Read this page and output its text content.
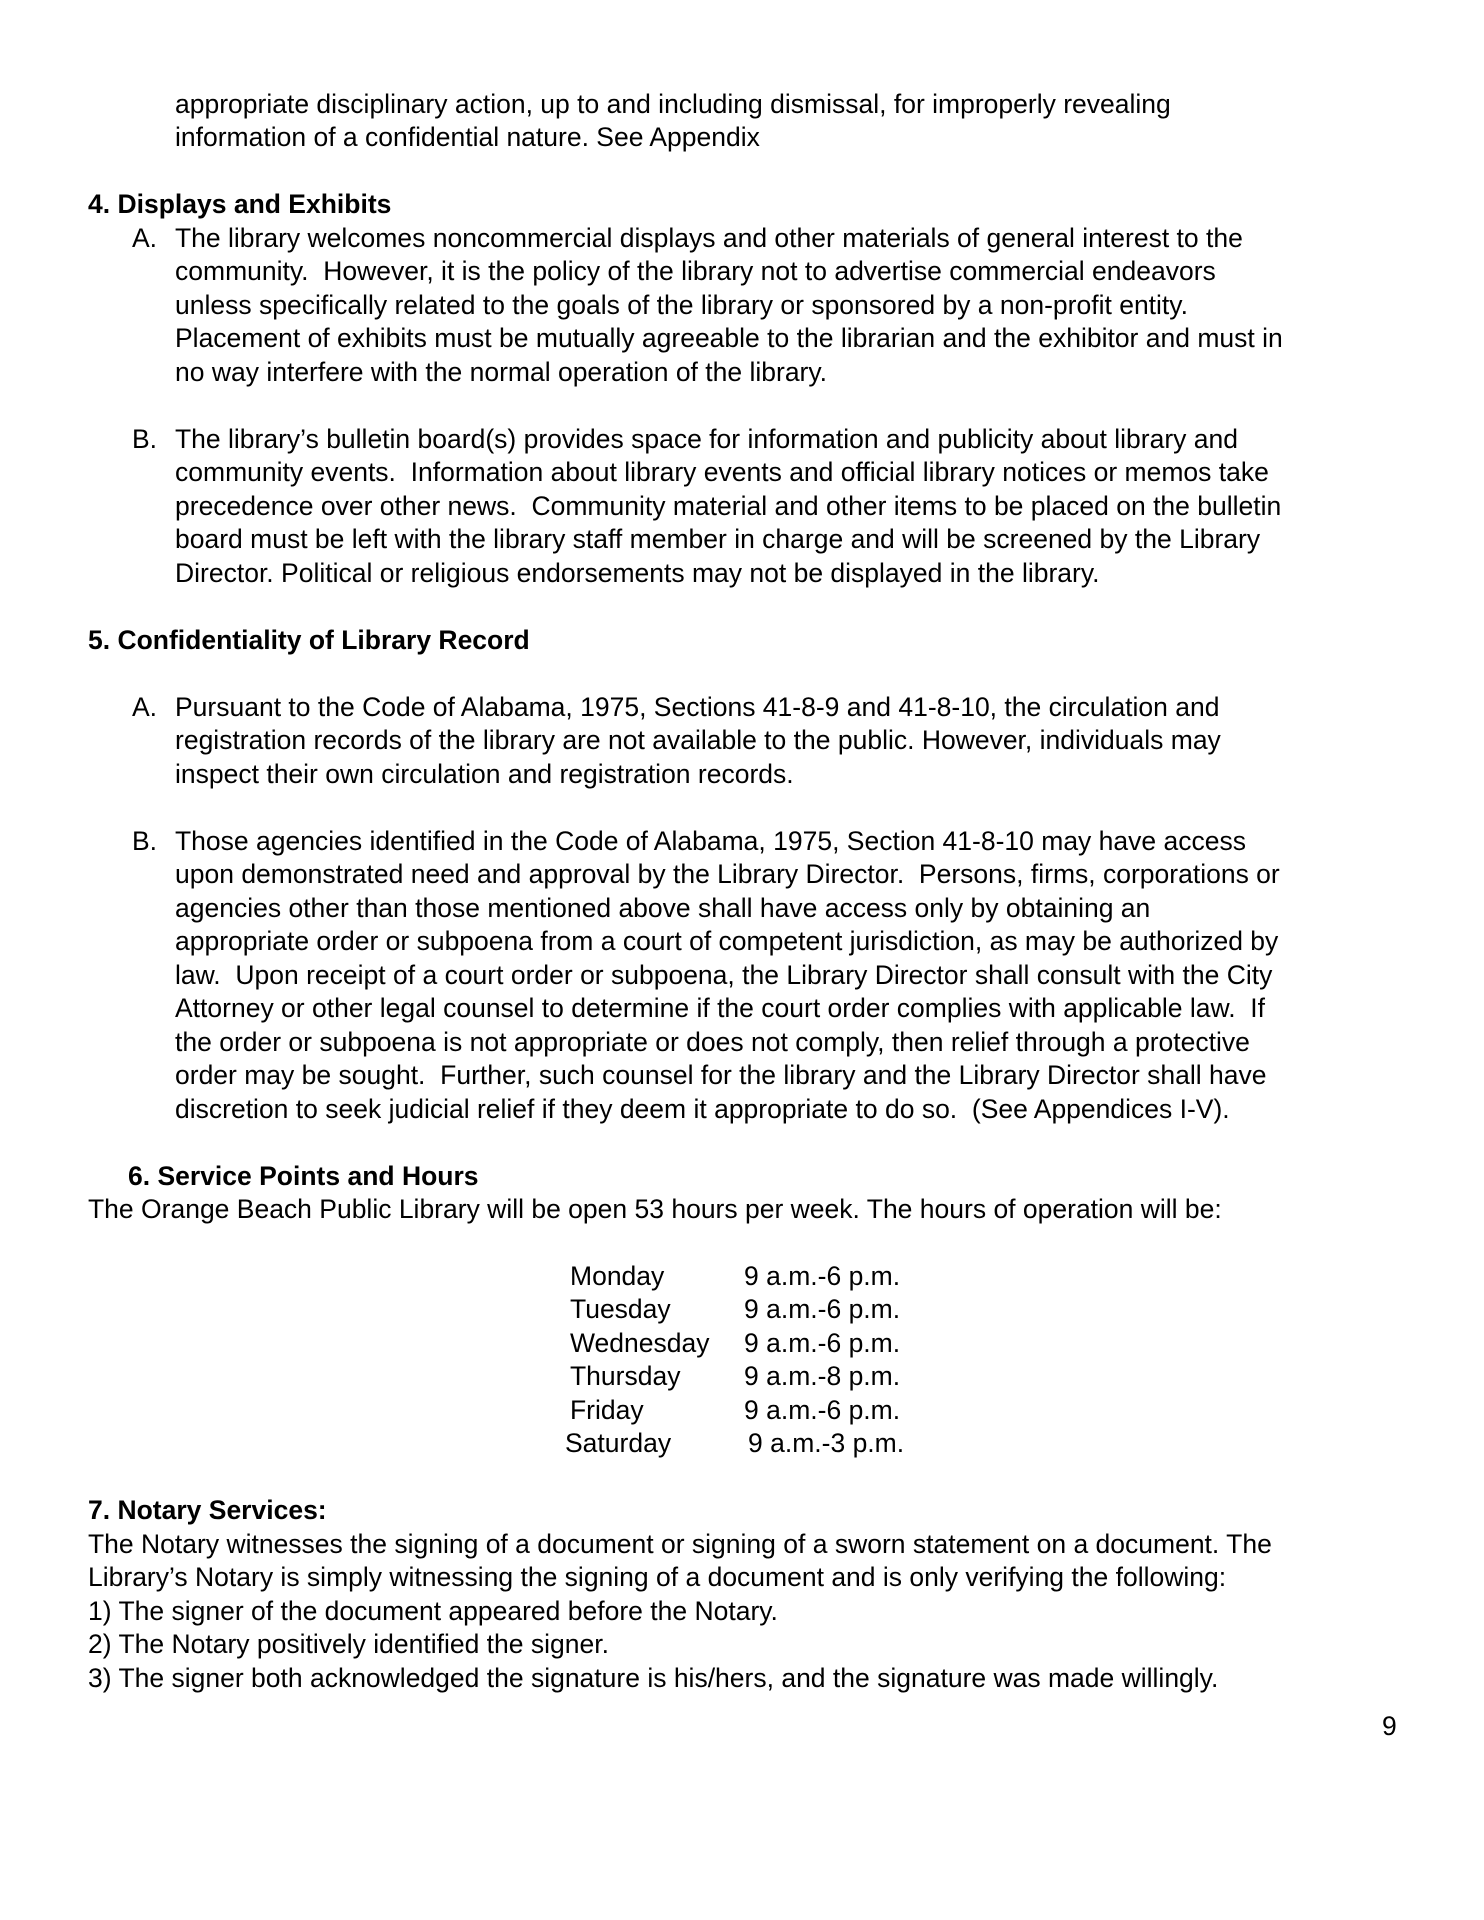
appropriate disciplinary action, up to and including dismissal, for improperly revealing
information of a confidential nature. See Appendix
4. Displays and Exhibits
A. The library welcomes noncommercial displays and other materials of general interest to the
community.  However, it is the policy of the library not to advertise commercial endeavors
unless specifically related to the goals of the library or sponsored by a non-profit entity.
Placement of exhibits must be mutually agreeable to the librarian and the exhibitor and must in
no way interfere with the normal operation of the library.
B. The library’s bulletin board(s) provides space for information and publicity about library and
community events.  Information about library events and official library notices or memos take
precedence over other news.  Community material and other items to be placed on the bulletin
board must be left with the library staff member in charge and will be screened by the Library
Director. Political or religious endorsements may not be displayed in the library.
5. Confidentiality of Library Record
A. Pursuant to the Code of Alabama, 1975, Sections 41-8-9 and 41-8-10, the circulation and
registration records of the library are not available to the public. However, individuals may
inspect their own circulation and registration records.
B. Those agencies identified in the Code of Alabama, 1975, Section 41-8-10 may have access
upon demonstrated need and approval by the Library Director.  Persons, firms, corporations or
agencies other than those mentioned above shall have access only by obtaining an
appropriate order or subpoena from a court of competent jurisdiction, as may be authorized by
law.  Upon receipt of a court order or subpoena, the Library Director shall consult with the City
Attorney or other legal counsel to determine if the court order complies with applicable law.  If
the order or subpoena is not appropriate or does not comply, then relief through a protective
order may be sought.  Further, such counsel for the library and the Library Director shall have
discretion to seek judicial relief if they deem it appropriate to do so.  (See Appendices I-V).
6. Service Points and Hours
The Orange Beach Public Library will be open 53 hours per week. The hours of operation will be:
Monday	9 a.m.-6 p.m.
Tuesday	9 a.m.-6 p.m.
Wednesday 9 a.m.-6 p.m.
Thursday 9 a.m.-8 p.m.
Friday	9 a.m.-6 p.m.
Saturday	9 a.m.-3 p.m.
7. Notary Services:
The Notary witnesses the signing of a document or signing of a sworn statement on a document. The
Library’s Notary is simply witnessing the signing of a document and is only verifying the following:
1) The signer of the document appeared before the Notary.
2) The Notary positively identified the signer.
3) The signer both acknowledged the signature is his/hers, and the signature was made willingly.
9
